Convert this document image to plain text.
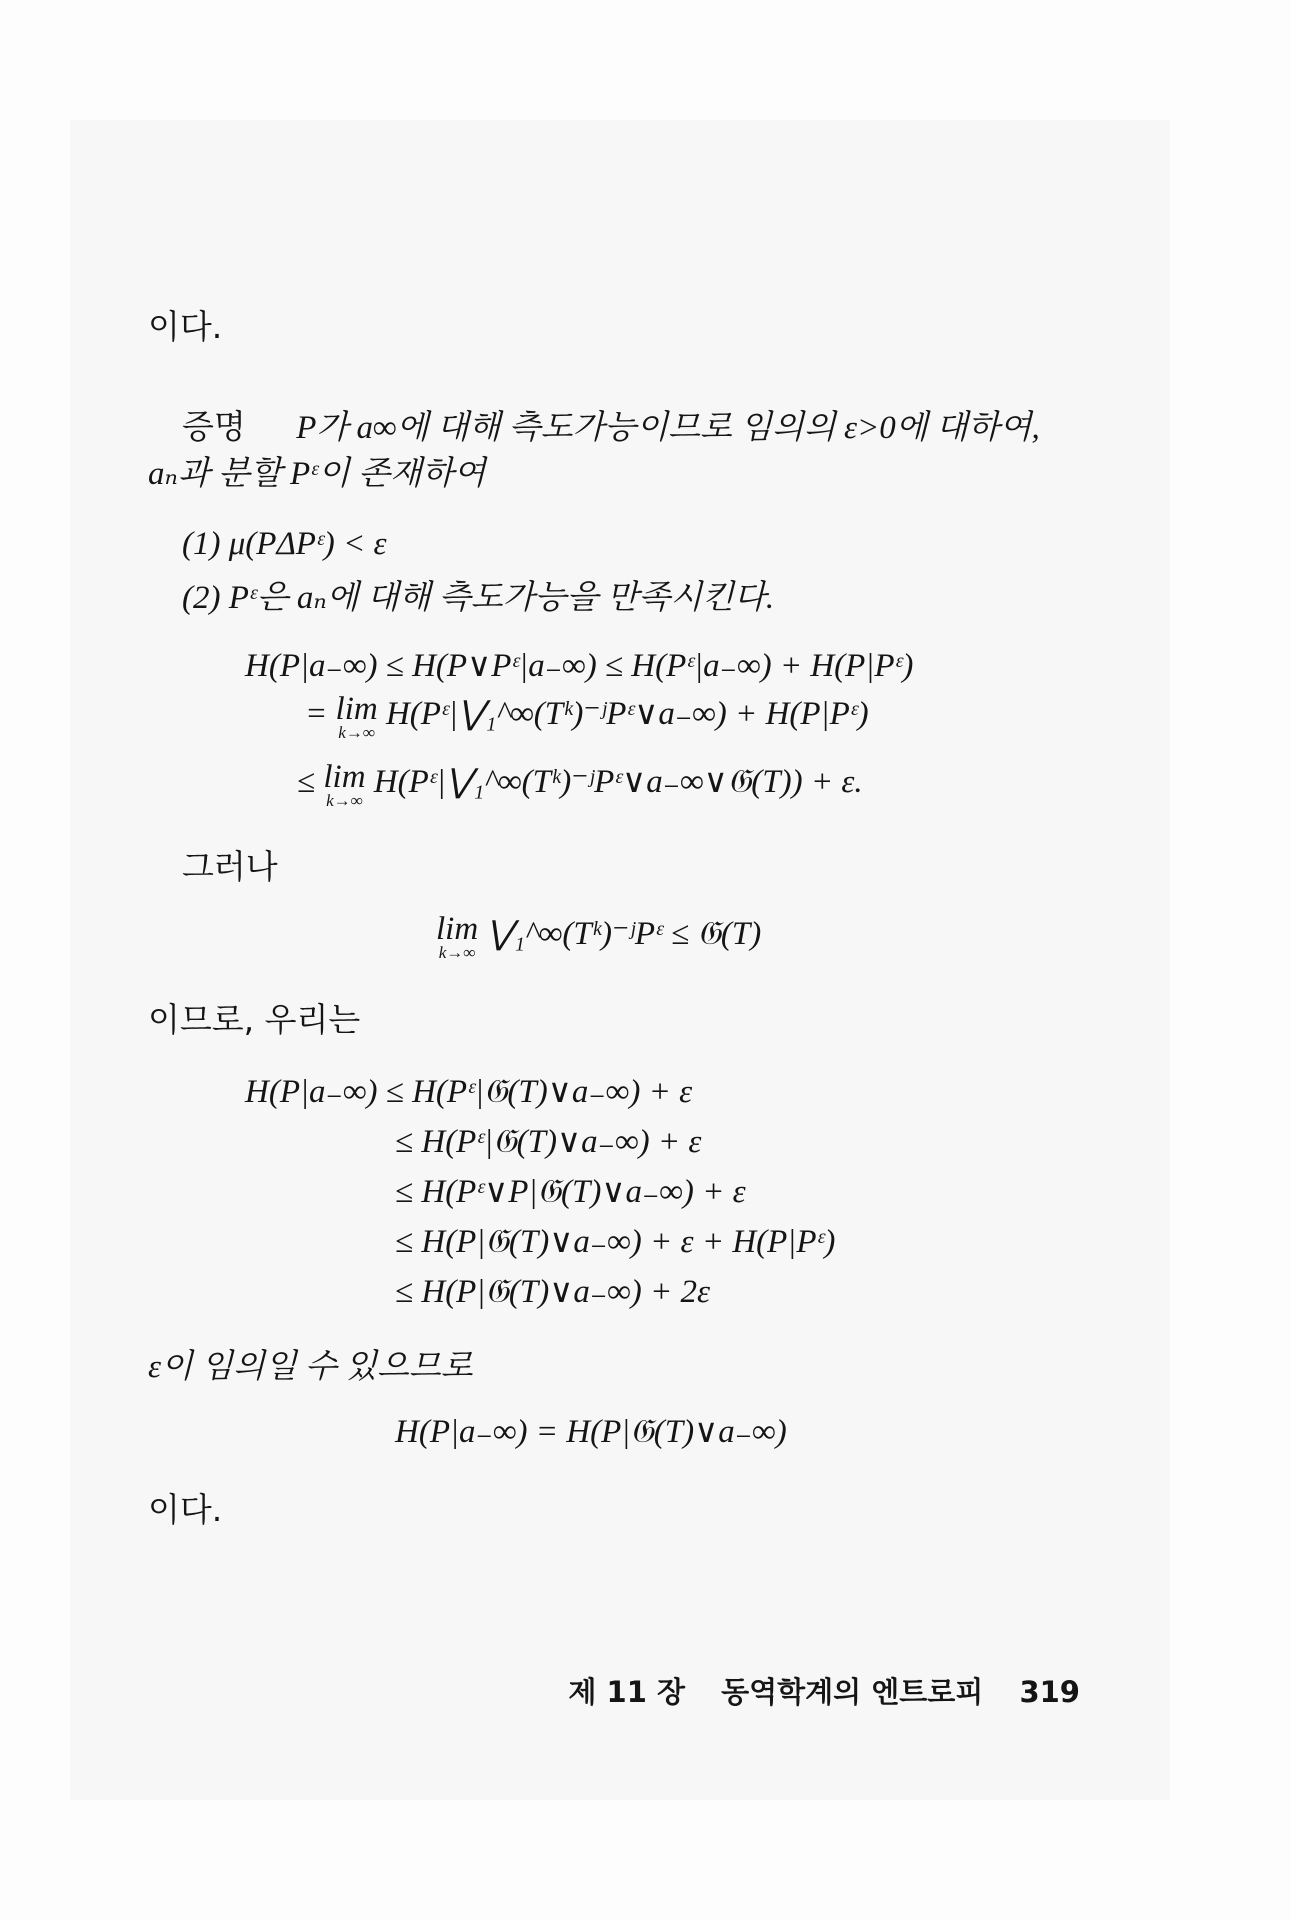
이다.
증명 P가 a∞에 대해 측도가능이므로 임의의 ε>0에 대하여,
aₙ과 분할 Pᵋ이 존재하여
(1) μ(PΔPᵋ) < ε
(2) Pᵋ은 aₙ에 대해 측도가능을 만족시킨다.
H(P|a₋∞) ≤ H(P∨Pᵋ|a₋∞) ≤ H(Pᵋ|a₋∞) + H(P|Pᵋ)
= lim
k→∞
H(Pᵋ|⋁₁^∞(Tᵏ)⁻ʲPᵋ∨a₋∞) + H(P|Pᵋ)
≤ lim
k→∞
H(Pᵋ|⋁₁^∞(Tᵏ)⁻ʲPᵋ∨a₋∞∨𝔊(T)) + ε.
그러나
lim
k→∞
⋁₁^∞(Tᵏ)⁻ʲPᵋ ≤ 𝔊(T)
이므로, 우리는
H(P|a₋∞) ≤ H(Pᵋ|𝔊(T)∨a₋∞) + ε
≤ H(Pᵋ|𝔊(T)∨a₋∞) + ε
≤ H(Pᵋ∨P|𝔊(T)∨a₋∞) + ε
≤ H(P|𝔊(T)∨a₋∞) + ε + H(P|Pᵋ)
≤ H(P|𝔊(T)∨a₋∞) + 2ε
ε이 임의일 수 있으므로
H(P|a₋∞) = H(P|𝔊(T)∨a₋∞)
이다.
제 11 장 동역학계의 엔트로피 319
